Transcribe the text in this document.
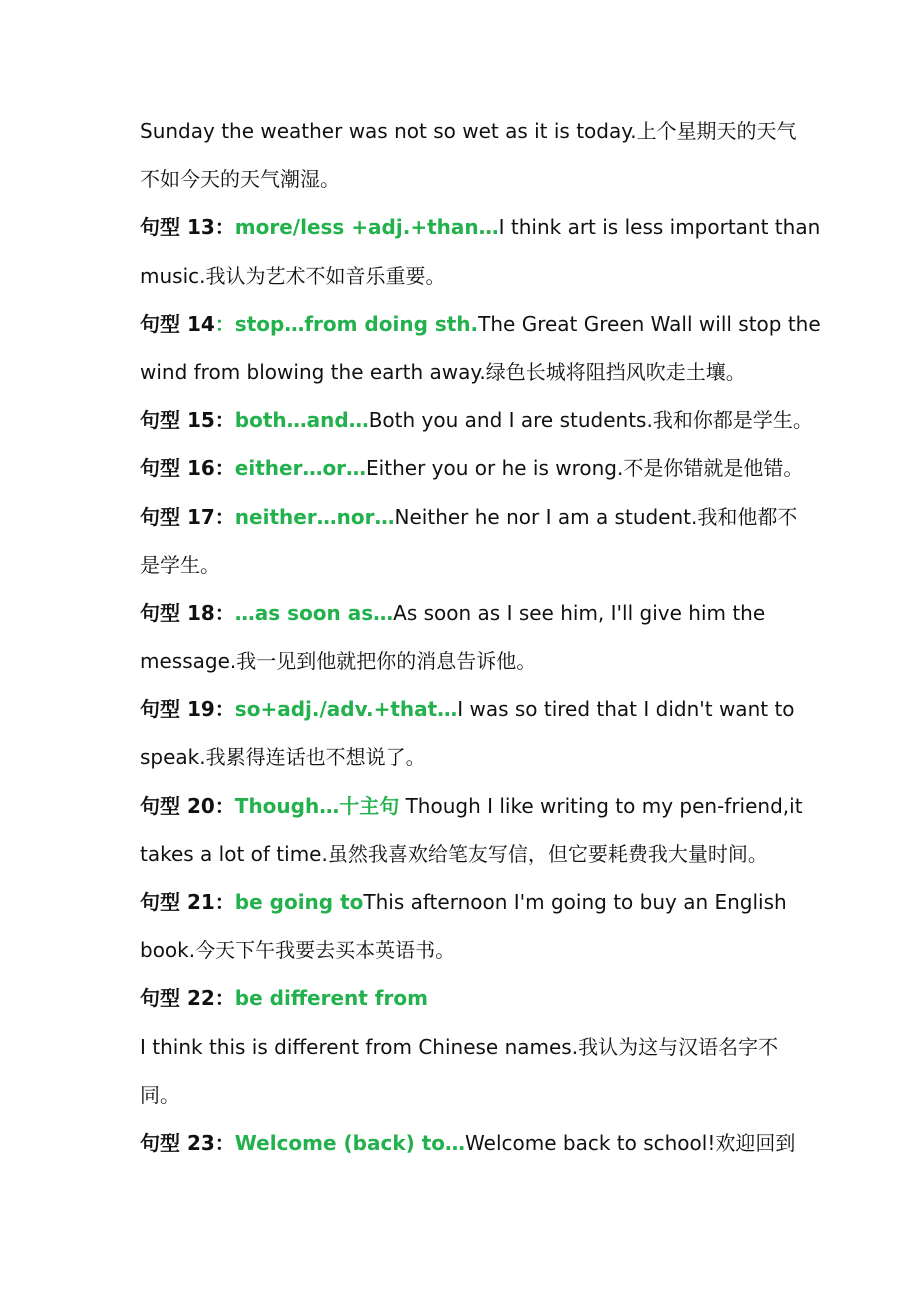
Sunday the weather was not so wet as it is today.上个星期天的天气
不如今天的天气潮湿。
句型 13：more/less +adj.+than…I think art is less important than
music.我认为艺术不如音乐重要。
句型 14：stop…from doing sth.The Great Green Wall will stop the
wind from blowing the earth away.绿色长城将阻挡风吹走土壤。
句型 15：both…and…Both you and I are students.我和你都是学生。
句型 16：either…or…Either you or he is wrong.不是你错就是他错。
句型 17：neither…nor…Neither he nor I am a student.我和他都不
是学生。
句型 18：…as soon as…As soon as I see him, I'll give him the
message.我一见到他就把你的消息告诉他。
句型 19：so+adj./adv.+that…I was so tired that I didn't want to
speak.我累得连话也不想说了。
句型 20：Though…十主句 Though I like writing to my pen-friend,it
takes a lot of time.虽然我喜欢给笔友写信，但它要耗费我大量时间。
句型 21：be going toThis afternoon I'm going to buy an English
book.今天下午我要去买本英语书。
句型 22：be different from
I think this is different from Chinese names.我认为这与汉语名字不
同。
句型 23：Welcome (back) to…Welcome back to school!欢迎回到
